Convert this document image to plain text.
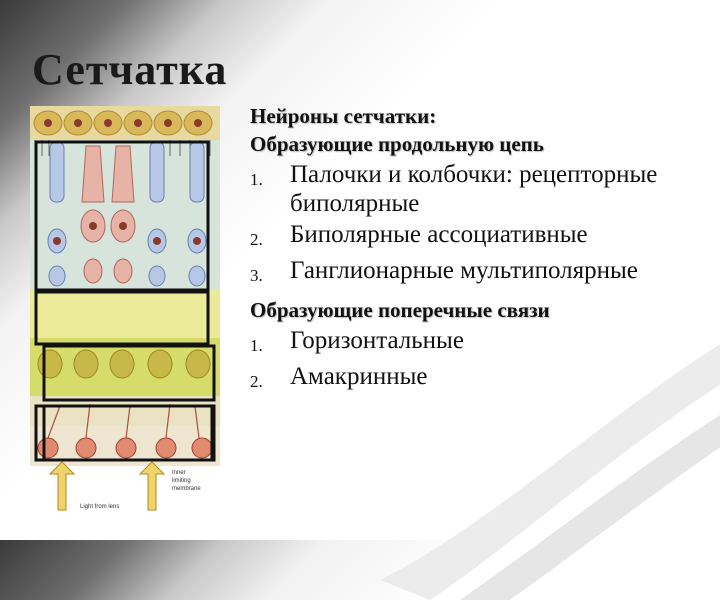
Сетчатка
Light from lens
Inner
limiting
membrane
Нейроны сетчатки:
Образующие продольную цепь
1.	Палочки и колбочки: рецепторные биполярные
2.	Биполярные ассоциативные
3.	Ганглионарные мультиполярные
Образующие поперечные связи
1.	Горизонтальные
2.	Амакринные
